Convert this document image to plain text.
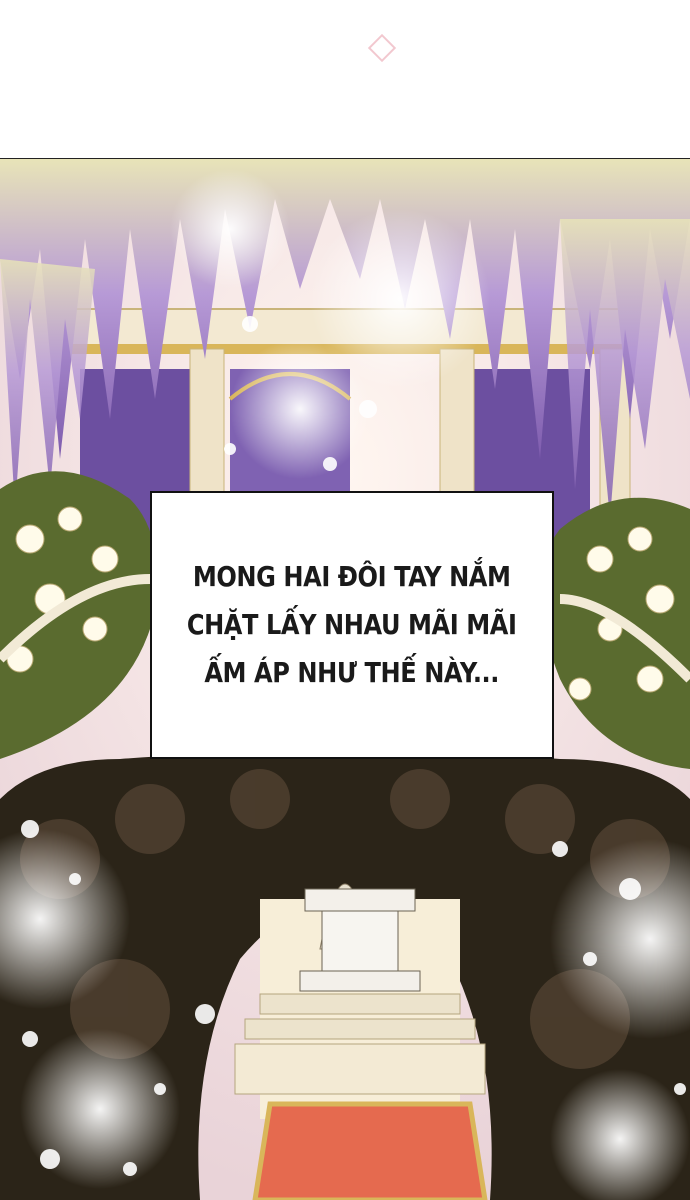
MONG HAI ĐÔI TAY NẮM
CHẶT LẤY NHAU MÃI MÃI
ẤM ÁP NHƯ THẾ NÀY...
